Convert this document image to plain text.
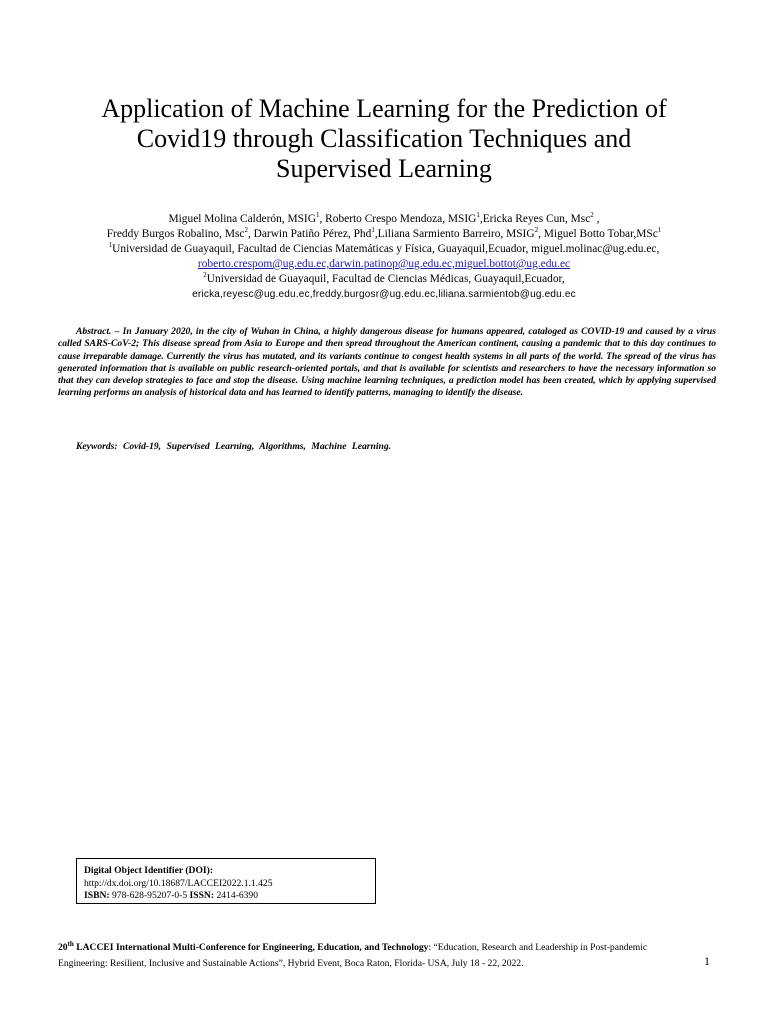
Application of Machine Learning for the Prediction of
Covid19 through Classification Techniques and
Supervised Learning
Miguel Molina Calderón, MSIG$^1$, Roberto Crespo Mendoza, MSIG$^1$,Ericka Reyes Cun, Msc$^2$ ,
Freddy Burgos Robalino, Msc$^2$, Darwin Patiño Pérez, Phd$^1$,Liliana Sarmiento Barreiro, MSIG$^2$, Miguel Botto Tobar,MSc$^1$
$^1$Universidad de Guayaquil, Facultad de Ciencias Matemáticas y Física, Guayaquil,Ecuador, miguel.molinac@ug.edu.ec,
roberto.crespom@ug.edu.ec,darwin.patinop@ug.edu.ec,miguel.bottot@ug.edu.ec
$^2$Universidad de Guayaquil, Facultad de Ciencias Médicas, Guayaquil,Ecuador,
ericka,reyesc@ug.edu.ec,freddy.burgosr@ug.edu.ec,liliana.sarmientob@ug.edu.ec
Abstract. – In January 2020, in the city of Wuhan in China, a highly dangerous disease for humans appeared, cataloged as COVID-19 and caused by a virus called SARS-CoV-2; This disease spread from Asia to Europe and then spread throughout the American continent, causing a pandemic that to this day continues to cause irreparable damage. Currently the virus has mutated, and its variants continue to congest health systems in all parts of the world. The spread of the virus has generated information that is available on public research-oriented portals, and that is available for scientists and researchers to have the necessary information so that they can develop strategies to face and stop the disease. Using machine learning techniques, a prediction model has been created, which by applying supervised learning performs an analysis of historical data and has learned to identify patterns, managing to identify the disease.
Keywords: Covid-19, Supervised Learning, Algorithms, Machine Learning.
Digital Object Identifier (DOI):
http://dx.doi.org/10.18687/LACCEI2022.1.1.425
ISBN: 978-628-95207-0-5 ISSN: 2414-6390
20th LACCEI International Multi-Conference for Engineering, Education, and Technology: “Education, Research and Leadership in Post-pandemic
Engineering: Resilient, Inclusive and Sustainable Actions”, Hybrid Event, Boca Raton, Florida- USA, July 18 - 22, 2022.	1
